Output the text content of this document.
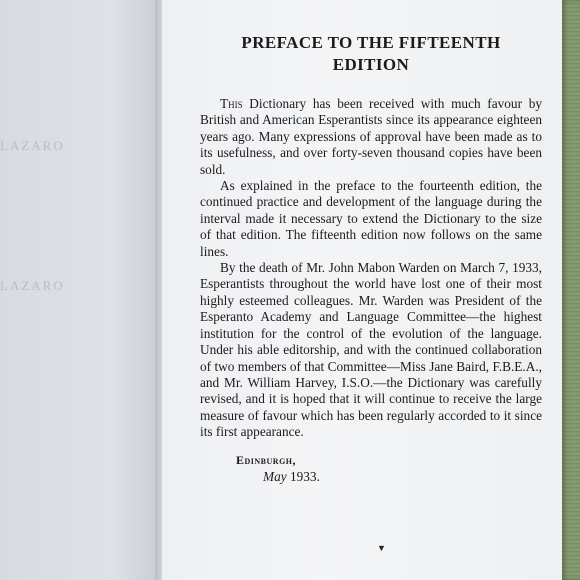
LAZARO
LAZARO
PREFACE TO THE FIFTEENTH
EDITION

This Dictionary has been received with much favour by British and American Esperantists since its appearance eighteen years ago. Many expressions of approval have been made as to its usefulness, and over forty-seven thousand copies have been sold.

As explained in the preface to the fourteenth edition, the continued practice and development of the language during the interval made it necessary to extend the Dictionary to the size of that edition. The fifteenth edition now follows on the same lines.

By the death of Mr. John Mabon Warden on March 7, 1933, Esperantists throughout the world have lost one of their most highly esteemed colleagues. Mr. Warden was President of the Esperanto Academy and Language Committee—the highest institution for the control of the evolution of the language. Under his able editorship, and with the continued collaboration of two members of that Committee—Miss Jane Baird, F.B.E.A., and Mr. William Harvey, I.S.O.—the Dictionary was carefully revised, and it is hoped that it will continue to receive the large measure of favour which has been regularly accorded to it since its first appearance.

Edinburgh,
May 1933.
▼
